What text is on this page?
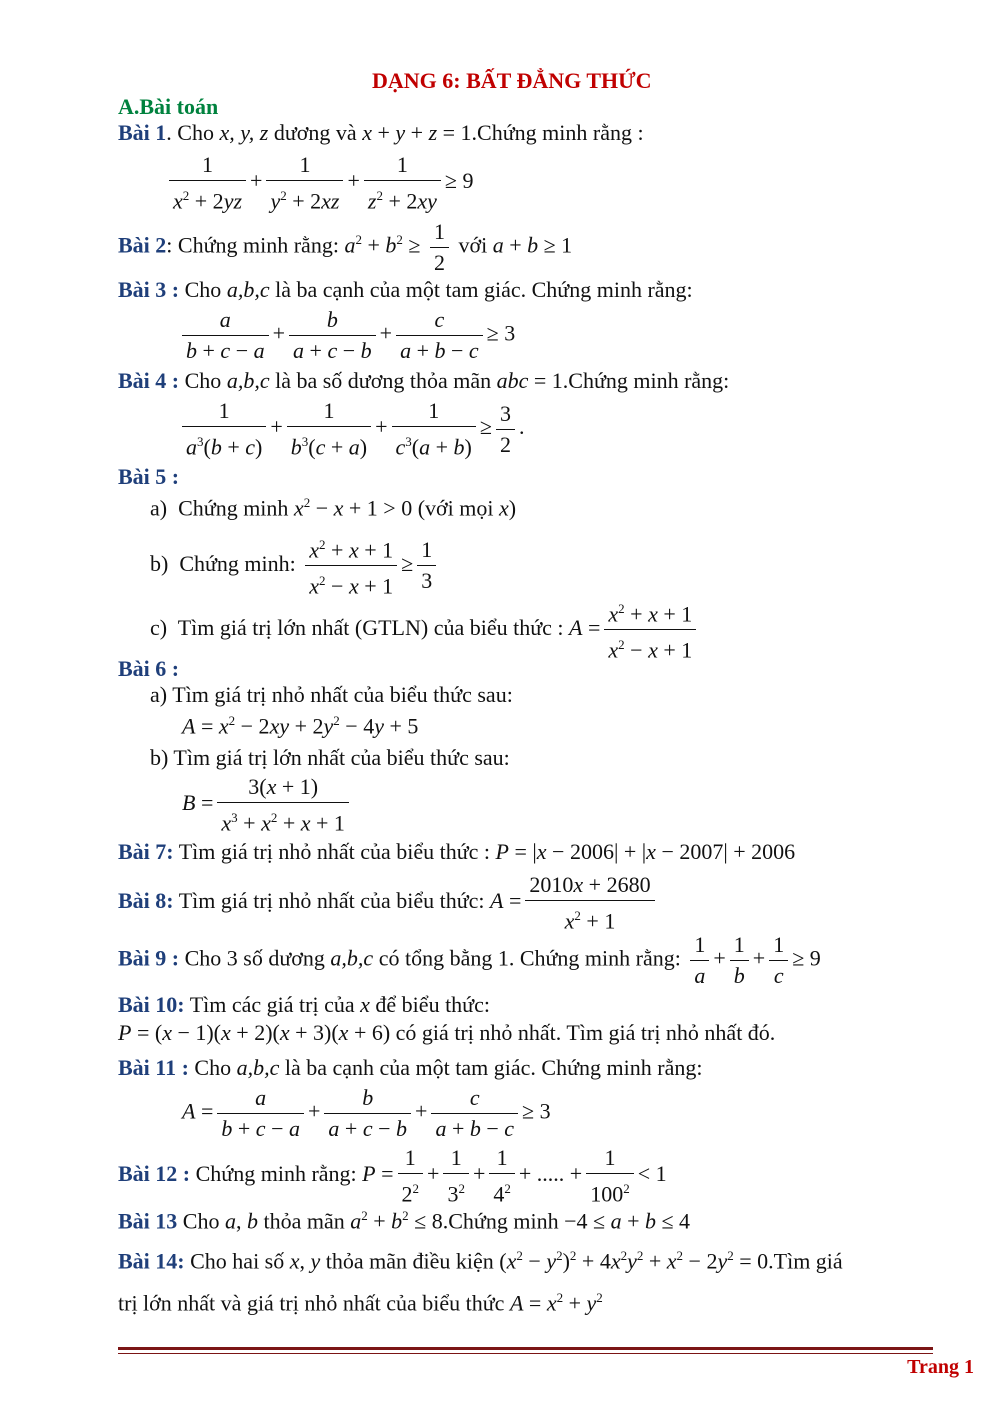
DẠNG 6: BẤT ĐẲNG THỨC
A.Bài toán
Bài 1. Cho x, y, z dương và x + y + z = 1.Chứng minh rằng :
$\frac{1}{x^2 + 2yz} + \frac{1}{y^2 + 2xz} + \frac{1}{z^2 + 2xy} \ge 9$
Bài 2: Chứng minh rằng: $a^2 + b^2 \ge \frac{1}{2}$ với a + b ≥ 1
Bài 3 : Cho a,b,c là ba cạnh của một tam giác. Chứng minh rằng:
$\frac{a}{b + c - a} + \frac{b}{a + c - b} + \frac{c}{a + b - c} \ge 3$
Bài 4 : Cho a,b,c là ba số dương thỏa mãn abc = 1.Chứng minh rằng:
$\frac{1}{a^3(b + c)} + \frac{1}{b^3(c + a)} + \frac{1}{c^3(a + b)} \ge \frac{3}{2}$ .
Bài 5 :
a)  Chứng minh $x^2 - x + 1 > 0$ (với mọi x)
b)  Chứng minh: $\frac{x^2 + x + 1}{x^2 - x + 1} \ge \frac{1}{3}$
c)  Tìm giá trị lớn nhất (GTLN) của biểu thức : $A = \frac{x^2 + x + 1}{x^2 - x + 1}$
Bài 6 :
a) Tìm giá trị nhỏ nhất của biểu thức sau:
$A = x^2 - 2xy + 2y^2 - 4y + 5$
b) Tìm giá trị lớn nhất của biểu thức sau:
$B = \frac{3(x + 1)}{x^3 + x^2 + x + 1}$
Bài 7: Tìm giá trị nhỏ nhất của biểu thức : P = |x − 2006| + |x − 2007| + 2006
Bài 8: Tìm giá trị nhỏ nhất của biểu thức: $A = \frac{2010x + 2680}{x^2 + 1}$
Bài 9 : Cho 3 số dương a,b,c có tổng bằng 1. Chứng minh rằng: $\frac{1}{a} + \frac{1}{b} + \frac{1}{c} \ge 9$
Bài 10: Tìm các giá trị của x để biểu thức:
P = (x − 1)(x + 2)(x + 3)(x + 6) có giá trị nhỏ nhất. Tìm giá trị nhỏ nhất đó.
Bài 11 : Cho a,b,c là ba cạnh của một tam giác. Chứng minh rằng:
$A = \frac{a}{b + c - a} + \frac{b}{a + c - b} + \frac{c}{a + b - c} \ge 3$
Bài 12 : Chứng minh rằng: $P = \frac{1}{2^2} + \frac{1}{3^2} + \frac{1}{4^2}$ + ..... + $\frac{1}{100^2} < 1$
Bài 13 Cho a, b thỏa mãn $a^2 + b^2$ ≤ 8.Chứng minh −4 ≤ a + b ≤ 4
Bài 14: Cho hai số x, y thỏa mãn điều kiện $(x^2 - y^2)^2 + 4x^2y^2 + x^2 - 2y^2$ = 0.Tìm giá
trị lớn nhất và giá trị nhỏ nhất của biểu thức $A = x^2 + y^2$
Trang 1
